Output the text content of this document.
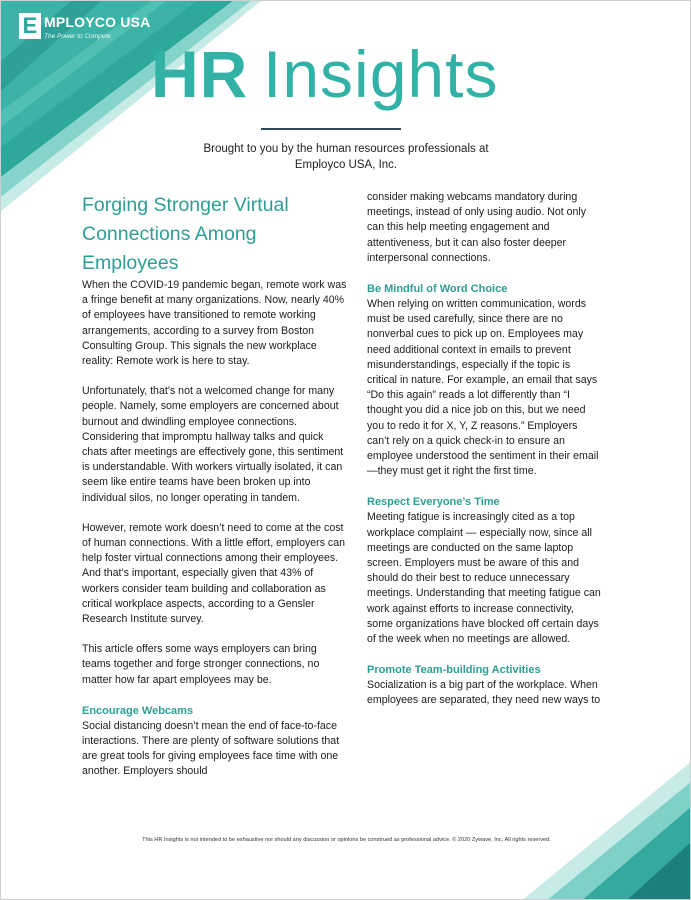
E MPLOYCO USA
The Power to Compete
HR Insights
Brought to you by the human resources professionals at
Employco USA, Inc.
Forging Stronger Virtual
Connections Among
Employees

When the COVID-19 pandemic began, remote work was a fringe benefit at many organizations. Now, nearly 40% of employees have transitioned to remote working arrangements, according to a survey from Boston Consulting Group. This signals the new workplace reality: Remote work is here to stay.

Unfortunately, that’s not a welcomed change for many people. Namely, some employers are concerned about burnout and dwindling employee connections. Considering that impromptu hallway talks and quick chats after meetings are effectively gone, this sentiment is understandable. With workers virtually isolated, it can seem like entire teams have been broken up into individual silos, no longer operating in tandem.

However, remote work doesn’t need to come at the cost of human connections. With a little effort, employers can help foster virtual connections among their employees. And that’s important, especially given that 43% of workers consider team building and collaboration as critical workplace aspects, according to a Gensler Research Institute survey.

This article offers some ways employers can bring teams together and forge stronger connections, no matter how far apart employees may be.

Encourage Webcams

Social distancing doesn’t mean the end of face-to-face interactions. There are plenty of software solutions that are great tools for giving employees face time with one another. Employers should

consider making webcams mandatory during meetings, instead of only using audio. Not only can this help meeting engagement and attentiveness, but it can also foster deeper interpersonal connections.

Be Mindful of Word Choice

When relying on written communication, words must be used carefully, since there are no nonverbal cues to pick up on. Employees may need additional context in emails to prevent misunderstandings, especially if the topic is critical in nature. For example, an email that says “Do this again” reads a lot differently than “I thought you did a nice job on this, but we need you to redo it for X, Y, Z reasons.” Employers can’t rely on a quick check-in to ensure an employee understood the sentiment in their email—they must get it right the first time.

Respect Everyone’s Time

Meeting fatigue is increasingly cited as a top workplace complaint — especially now, since all meetings are conducted on the same laptop screen. Employers must be aware of this and should do their best to reduce unnecessary meetings. Understanding that meeting fatigue can work against efforts to increase connectivity, some organizations have blocked off certain days of the week when no meetings are allowed.

Promote Team-building Activities

Socialization is a big part of the workplace. When employees are separated, they need new ways to

This HR Insights is not intended to be exhaustive nor should any discussion or opinions be construed as professional advice. © 2020 Zywave, Inc. All rights reserved.
